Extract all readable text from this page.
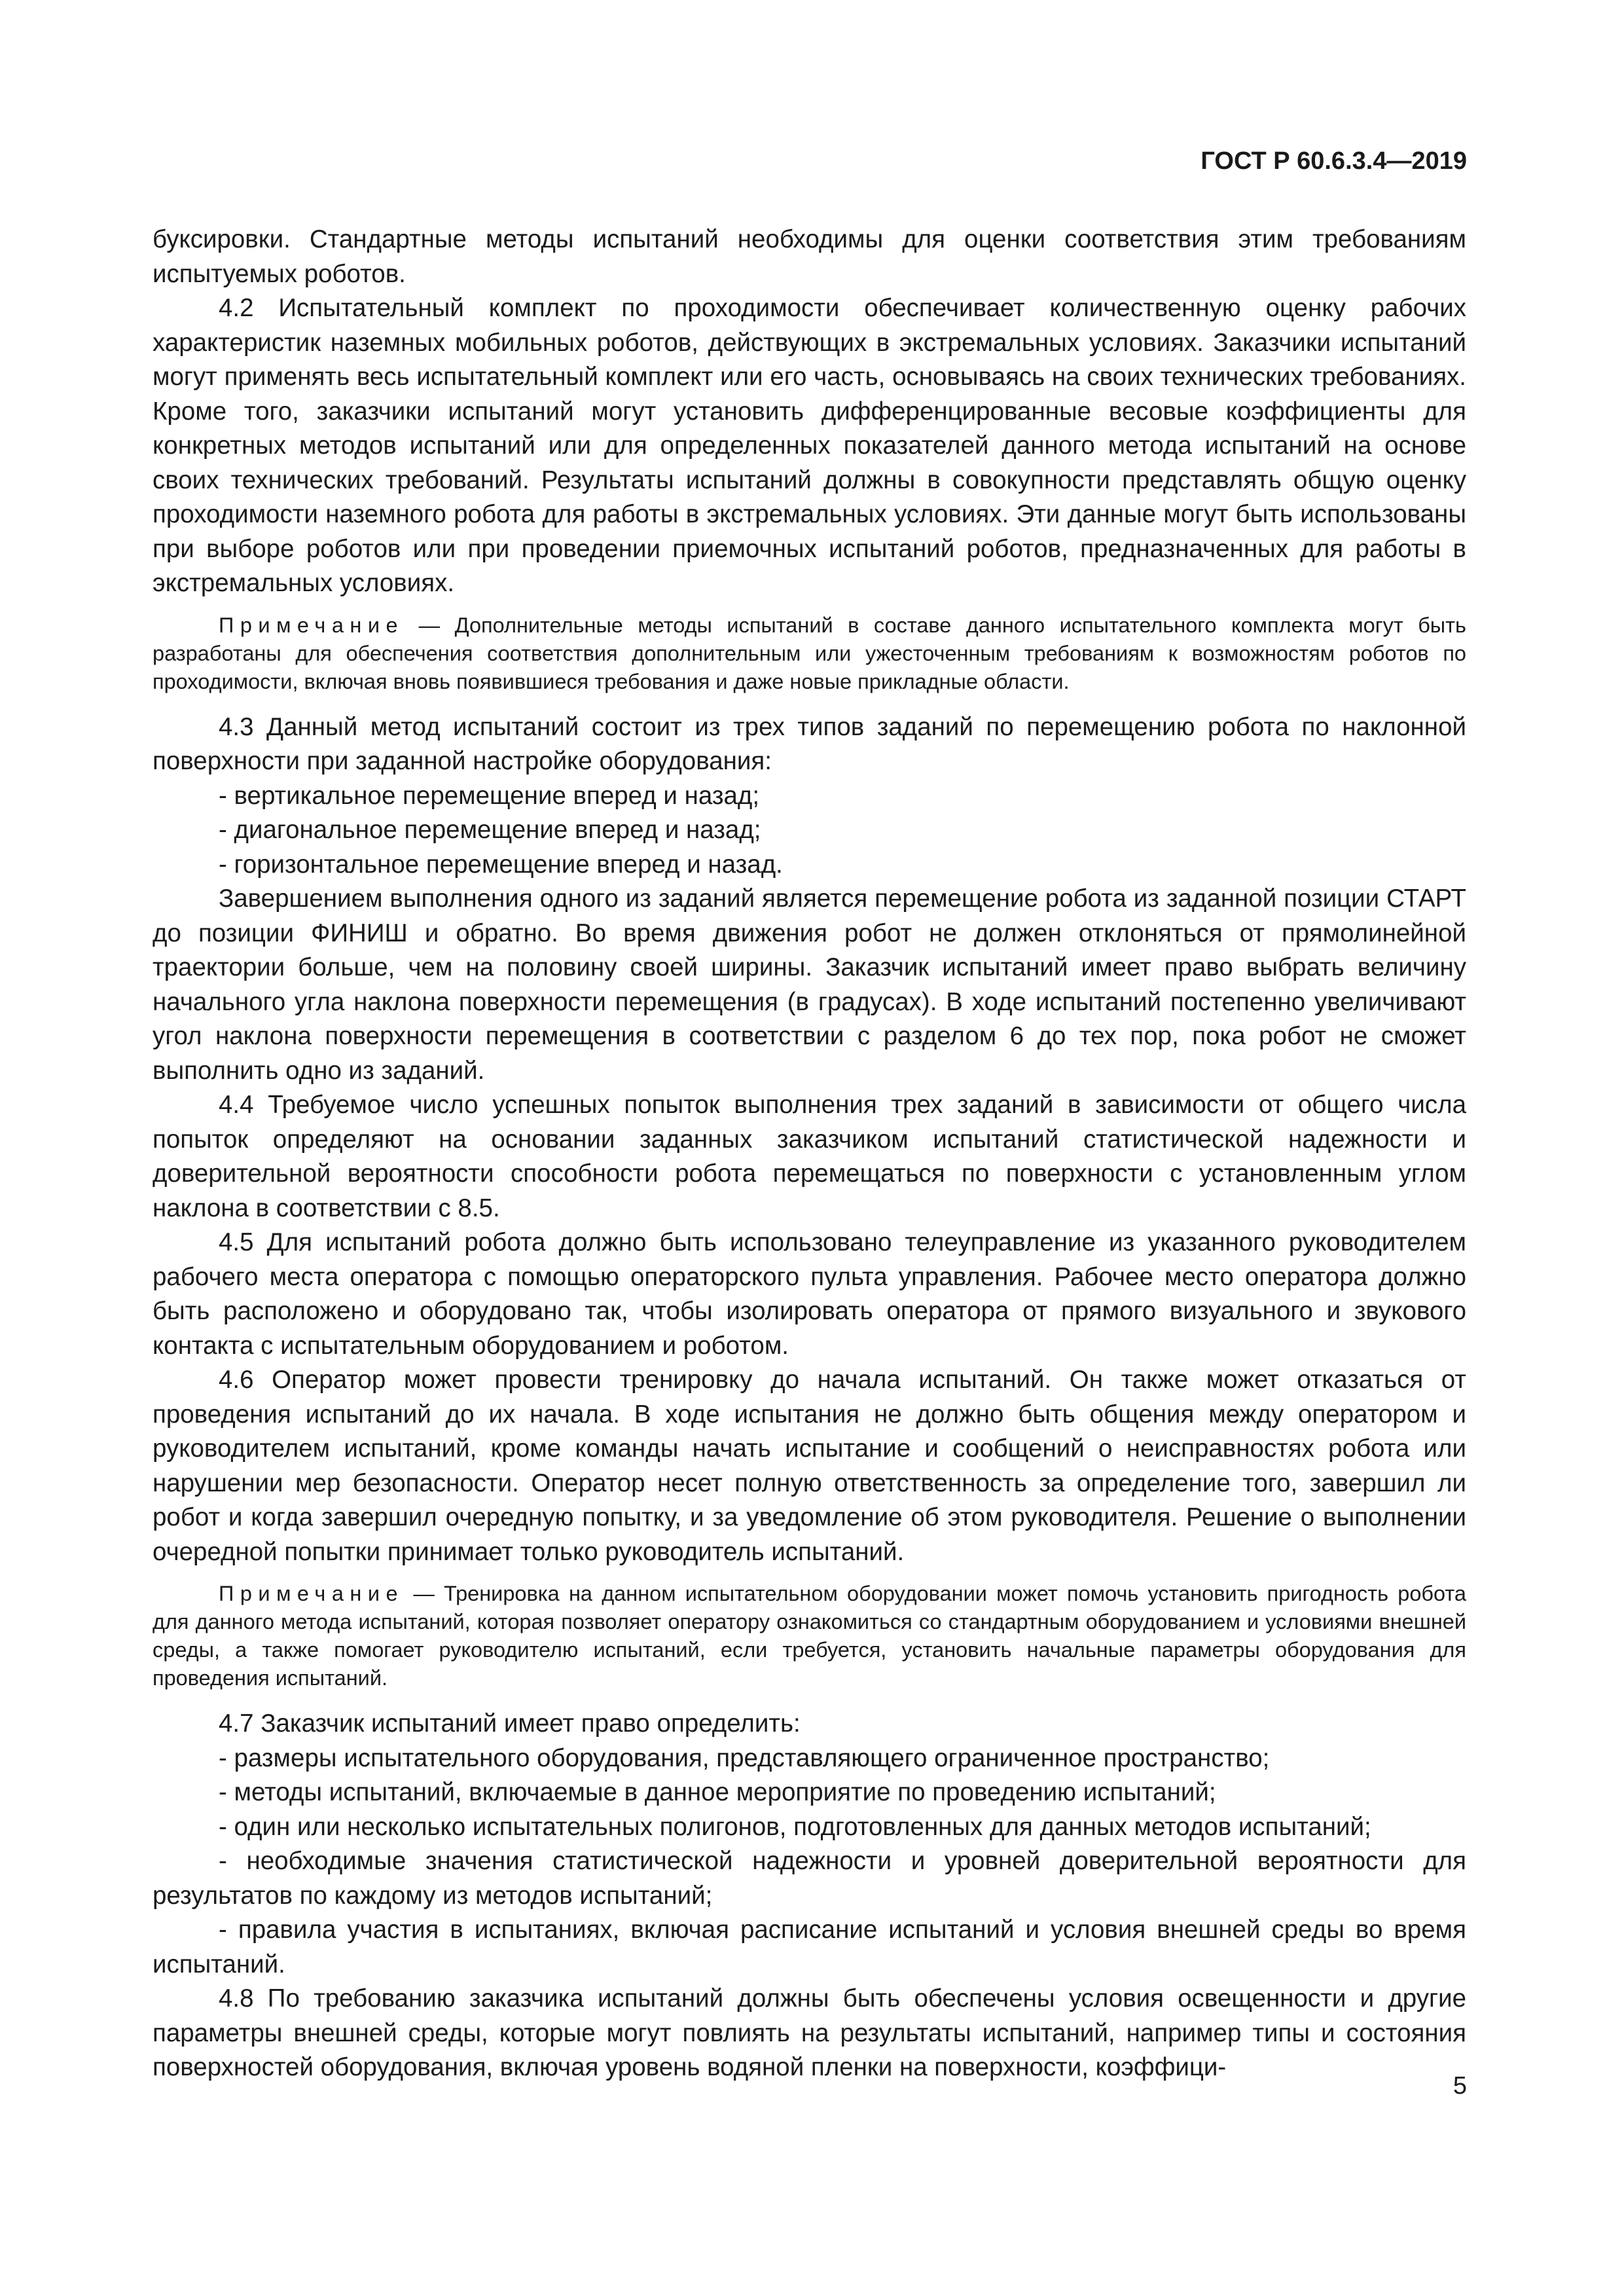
ГОСТ Р 60.6.3.4—2019

буксировки. Стандартные методы испытаний необходимы для оценки соответствия этим требованиям испытуемых роботов.

4.2 Испытательный комплект по проходимости обеспечивает количественную оценку рабочих характеристик наземных мобильных роботов, действующих в экстремальных условиях. Заказчики испытаний могут применять весь испытательный комплект или его часть, основываясь на своих технических требованиях. Кроме того, заказчики испытаний могут установить дифференцированные весовые коэффициенты для конкретных методов испытаний или для определенных показателей данного метода испытаний на основе своих технических требований. Результаты испытаний должны в совокупности представлять общую оценку проходимости наземного робота для работы в экстремальных условиях. Эти данные могут быть использованы при выборе роботов или при проведении приемочных испытаний роботов, предназначенных для работы в экстремальных условиях.

Примечание — Дополнительные методы испытаний в составе данного испытательного комплекта могут быть разработаны для обеспечения соответствия дополнительным или ужесточенным требованиям к возможностям роботов по проходимости, включая вновь появившиеся требования и даже новые прикладные области.

4.3 Данный метод испытаний состоит из трех типов заданий по перемещению робота по наклонной поверхности при заданной настройке оборудования:

- вертикальное перемещение вперед и назад;

- диагональное перемещение вперед и назад;

- горизонтальное перемещение вперед и назад.

Завершением выполнения одного из заданий является перемещение робота из заданной позиции СТАРТ до позиции ФИНИШ и обратно. Во время движения робот не должен отклоняться от прямолинейной траектории больше, чем на половину своей ширины. Заказчик испытаний имеет право выбрать величину начального угла наклона поверхности перемещения (в градусах). В ходе испытаний постепенно увеличивают угол наклона поверхности перемещения в соответствии с разделом 6 до тех пор, пока робот не сможет выполнить одно из заданий.

4.4 Требуемое число успешных попыток выполнения трех заданий в зависимости от общего числа попыток определяют на основании заданных заказчиком испытаний статистической надежности и доверительной вероятности способности робота перемещаться по поверхности с установленным углом наклона в соответствии с 8.5.

4.5 Для испытаний робота должно быть использовано телеуправление из указанного руководителем рабочего места оператора с помощью операторского пульта управления. Рабочее место оператора должно быть расположено и оборудовано так, чтобы изолировать оператора от прямого визуального и звукового контакта с испытательным оборудованием и роботом.

4.6 Оператор может провести тренировку до начала испытаний. Он также может отказаться от проведения испытаний до их начала. В ходе испытания не должно быть общения между оператором и руководителем испытаний, кроме команды начать испытание и сообщений о неисправностях робота или нарушении мер безопасности. Оператор несет полную ответственность за определение того, завершил ли робот и когда завершил очередную попытку, и за уведомление об этом руководителя. Решение о выполнении очередной попытки принимает только руководитель испытаний.

Примечание — Тренировка на данном испытательном оборудовании может помочь установить пригодность робота для данного метода испытаний, которая позволяет оператору ознакомиться со стандартным оборудованием и условиями внешней среды, а также помогает руководителю испытаний, если требуется, установить начальные параметры оборудования для проведения испытаний.

4.7 Заказчик испытаний имеет право определить:

- размеры испытательного оборудования, представляющего ограниченное пространство;

- методы испытаний, включаемые в данное мероприятие по проведению испытаний;

- один или несколько испытательных полигонов, подготовленных для данных методов испытаний;

- необходимые значения статистической надежности и уровней доверительной вероятности для результатов по каждому из методов испытаний;

- правила участия в испытаниях, включая расписание испытаний и условия внешней среды во время испытаний.

4.8 По требованию заказчика испытаний должны быть обеспечены условия освещенности и другие параметры внешней среды, которые могут повлиять на результаты испытаний, например типы и состояния поверхностей оборудования, включая уровень водяной пленки на поверхности, коэффици-

5
